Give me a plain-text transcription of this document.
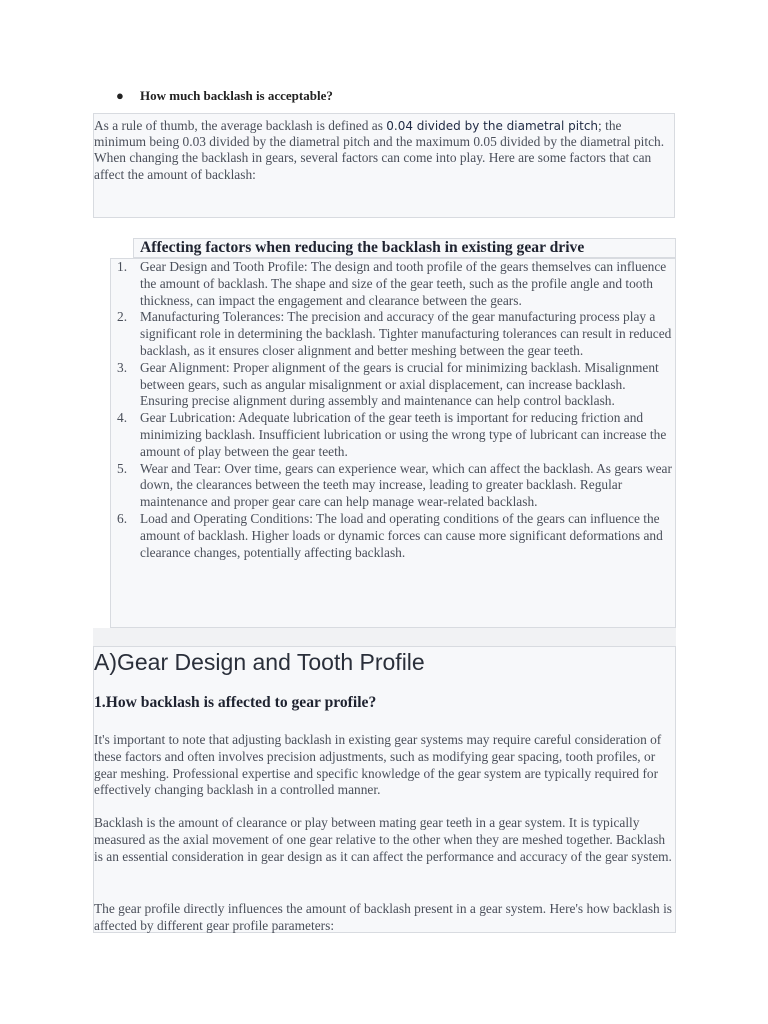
● How much backlash is acceptable?

As a rule of thumb, the average backlash is defined as 0.04 divided by the diametral pitch; the minimum being 0.03 divided by the diametral pitch and the maximum 0.05 divided by the diametral pitch. When changing the backlash in gears, several factors can come into play. Here are some factors that can affect the amount of backlash:

Affecting factors when reducing the backlash in existing gear drive
1. Gear Design and Tooth Profile: The design and tooth profile of the gears themselves can influence the amount of backlash. The shape and size of the gear teeth, such as the profile angle and tooth thickness, can impact the engagement and clearance between the gears.
2. Manufacturing Tolerances: The precision and accuracy of the gear manufacturing process play a significant role in determining the backlash. Tighter manufacturing tolerances can result in reduced backlash, as it ensures closer alignment and better meshing between the gear teeth.
3. Gear Alignment: Proper alignment of the gears is crucial for minimizing backlash. Misalignment between gears, such as angular misalignment or axial displacement, can increase backlash. Ensuring precise alignment during assembly and maintenance can help control backlash.
4. Gear Lubrication: Adequate lubrication of the gear teeth is important for reducing friction and minimizing backlash. Insufficient lubrication or using the wrong type of lubricant can increase the amount of play between the gear teeth.
5. Wear and Tear: Over time, gears can experience wear, which can affect the backlash. As gears wear down, the clearances between the teeth may increase, leading to greater backlash. Regular maintenance and proper gear care can help manage wear-related backlash.
6. Load and Operating Conditions: The load and operating conditions of the gears can influence the amount of backlash. Higher loads or dynamic forces can cause more significant deformations and clearance changes, potentially affecting backlash.
A)Gear Design and Tooth Profile
1.How backlash is affected to gear profile?

It's important to note that adjusting backlash in existing gear systems may require careful consideration of these factors and often involves precision adjustments, such as modifying gear spacing, tooth profiles, or gear meshing. Professional expertise and specific knowledge of the gear system are typically required for effectively changing backlash in a controlled manner.

Backlash is the amount of clearance or play between mating gear teeth in a gear system. It is typically measured as the axial movement of one gear relative to the other when they are meshed together. Backlash is an essential consideration in gear design as it can affect the performance and accuracy of the gear system.

The gear profile directly influences the amount of backlash present in a gear system. Here's how backlash is affected by different gear profile parameters:
